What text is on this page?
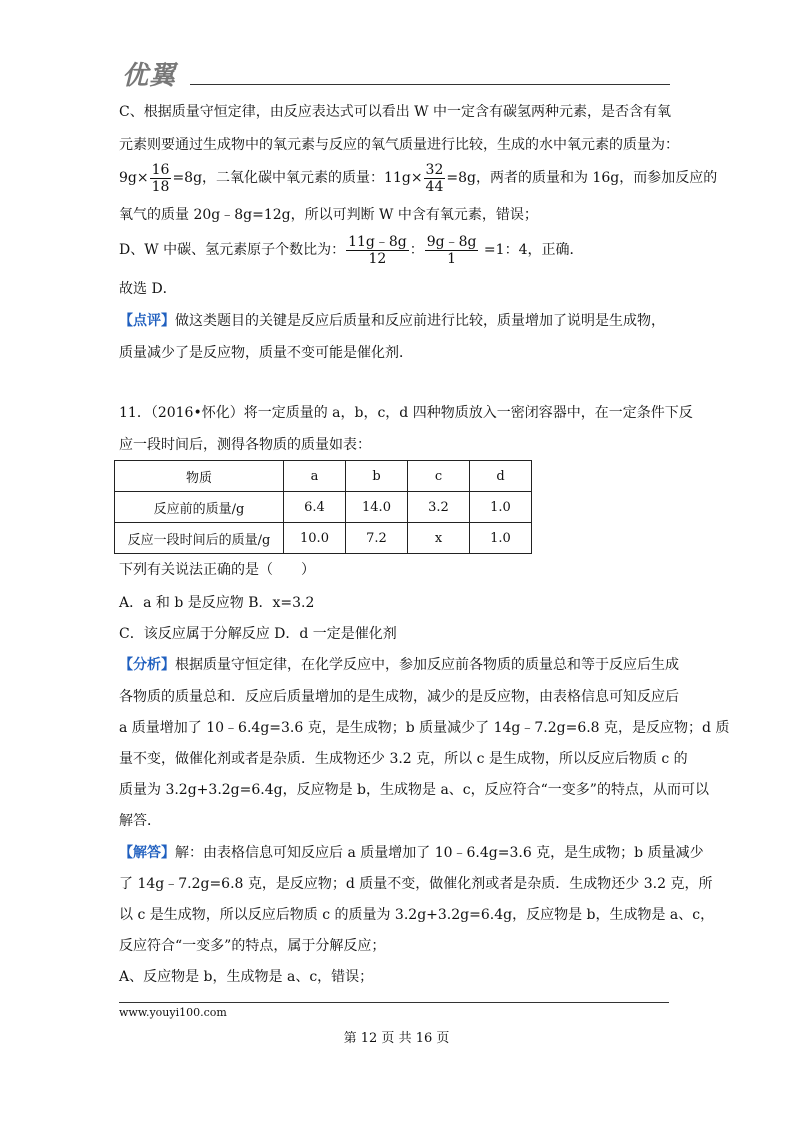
优翼
C、根据质量守恒定律，由反应表达式可以看出 W 中一定含有碳氢两种元素，是否含有氧
元素则要通过生成物中的氧元素与反应的氧气质量进行比较，生成的水中氧元素的质量为：
$9g\times \frac{16}{18} =8g$，二氧化碳中氧元素的质量：$11g\times \frac{32}{44} =8g$，两者的质量和为 16g，而参加反应的
氧气的质量 20g﹣8g=12g，所以可判断 W 中含有氧元素，错误；
D、W 中碳、氢元素原子个数比为： $\frac{11g﹣8g}{12}$ ： $\frac{9g﹣8g}{1} =1$：4，正确．
故选 D．
【点评】做这类题目的关键是反应后质量和反应前进行比较，质量增加了说明是生成物，
质量减少了是反应物，质量不变可能是催化剂．
11．（2016•怀化）将一定质量的 a，b，c，d 四种物质放入一密闭容器中，在一定条件下反
应一段时间后，测得各物质的质量如表：
物质	a	b	c	d
反应前的质量/g	6.4	14.0	3.2	1.0
反应一段时间后的质量/g	10.0	7.2	x	1.0
下列有关说法正确的是（　　）
A．a 和 b 是反应物 B．x=3.2
C．该反应属于分解反应 D．d 一定是催化剂
【分析】根据质量守恒定律，在化学反应中，参加反应前各物质的质量总和等于反应后生成
各物质的质量总和．反应后质量增加的是生成物，减少的是反应物，由表格信息可知反应后
a 质量增加了 10﹣6.4g=3.6 克，是生成物；b 质量减少了 14g﹣7.2g=6.8 克，是反应物；d 质
量不变，做催化剂或者是杂质．生成物还少 3.2 克，所以 c 是生成物，所以反应后物质 c 的
质量为 3.2g+3.2g=6.4g，反应物是 b，生成物是 a、c，反应符合“一变多”的特点，从而可以
解答．
【解答】解：由表格信息可知反应后 a 质量增加了 10﹣6.4g=3.6 克，是生成物；b 质量减少
了 14g﹣7.2g=6.8 克，是反应物；d 质量不变，做催化剂或者是杂质．生成物还少 3.2 克，所
以 c 是生成物，所以反应后物质 c 的质量为 3.2g+3.2g=6.4g，反应物是 b，生成物是 a、c，
反应符合“一变多”的特点，属于分解反应；
A、反应物是 b，生成物是 a、c，错误；
www.youyi100.com
第 12 页 共 16 页
